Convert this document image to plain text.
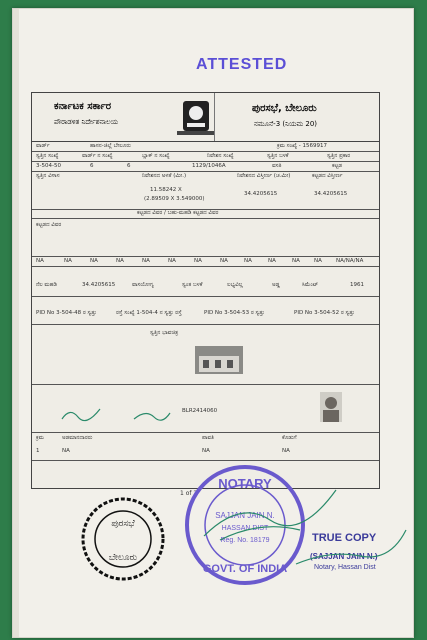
ATTESTED
ಕರ್ನಾಟಕ ಸರ್ಕಾರ
ಪೌರಾಡಳಿತ ನಿರ್ದೇಶನಾಲಯ
ಪುರಸಭೆ, ಬೇಲೂರು
ನಮೂನೆ-3 (ನಿಯಮ 20)
ವಾರ್ಡ್	ಹಾಸನ-ಜಿಲ್ಲೆ ಬೇಲೂರು	ಕ್ರಮ ಸಂಖ್ಯೆ - 1569917
ಸ್ವತ್ತಿನ ಸಂಖ್ಯೆ	ವಾರ್ಡ್ ನ ಸಂಖ್ಯೆ	ಬ್ಲಾಕ್ ನ ಸಂಖ್ಯೆ	ನಿವೇಶನ ಸಂಖ್ಯೆ	ಸ್ವತ್ತಿನ ಬಳಕೆ	ಸ್ವತ್ತಿನ ಪ್ರಕಾರ
3-504-50	6	6	1129/1046A	ವಸತಿ	ಕಟ್ಟಡ
ಸ್ವತ್ತಿನ ವಿಳಾಸ	ನಿವೇಶನದ ಅಳತೆ (ಮೀ.)	ನಿವೇಶನದ ವಿಸ್ತೀರ್ಣ (ಚ.ಮೀ)	ಕಟ್ಟಡದ ವಿಸ್ತೀರ್ಣ
11.58242 X
(2.89509 X 3.549000)
34.4205615	34.4205615
ಕಟ್ಟಡದ ವಿವರ / ಬಹು-ಮಹಡಿ ಕಟ್ಟಡದ ವಿವರ
ಕಟ್ಟಡದ ವಿವರ
NA	NA	NA	NA	NA	NA	NA	NA	NA	NA	NA	NA	NA/NA/NA
ನೆಲ ಮಹಡಿ	34.4205615	ವಾಸಯೋಗ್ಯ	ಸ್ವಂತ ಬಳಕೆ	ಲಭ್ಯವಿಲ್ಲ	ಅಡ್ಡ	ಸಿಮೆಂಟ್	1961
PID No 3-504-48 ರ ಸ್ವತ್ತು	ರಸ್ತೆ ಸಂಖ್ಯೆ 1-504-4 ನ ಸ್ವತ್ತು ರಸ್ತೆ	PID No 3-504-53 ರ ಸ್ವತ್ತು	PID No 3-504-52 ರ ಸ್ವತ್ತು
ಸ್ವತ್ತಿನ ಭಾವಚಿತ್ರ
BLR2414060
ಕ್ರಮ	ಅಡಮಾನದಾರರು	ಪಾವತಿ	ಕೊಡುಗೆ
1	NA	NA	NA
1 of 2
ಪುರಸಭೆ
ಬೇಲೂರು
NOTARY
SAJJAN JAIN N.
HASSAN DIST
Reg. No. 18179
GOVT. OF INDIA
TRUE COPY
(SAJJAN JAIN N.)
Notary, Hassan Dist
